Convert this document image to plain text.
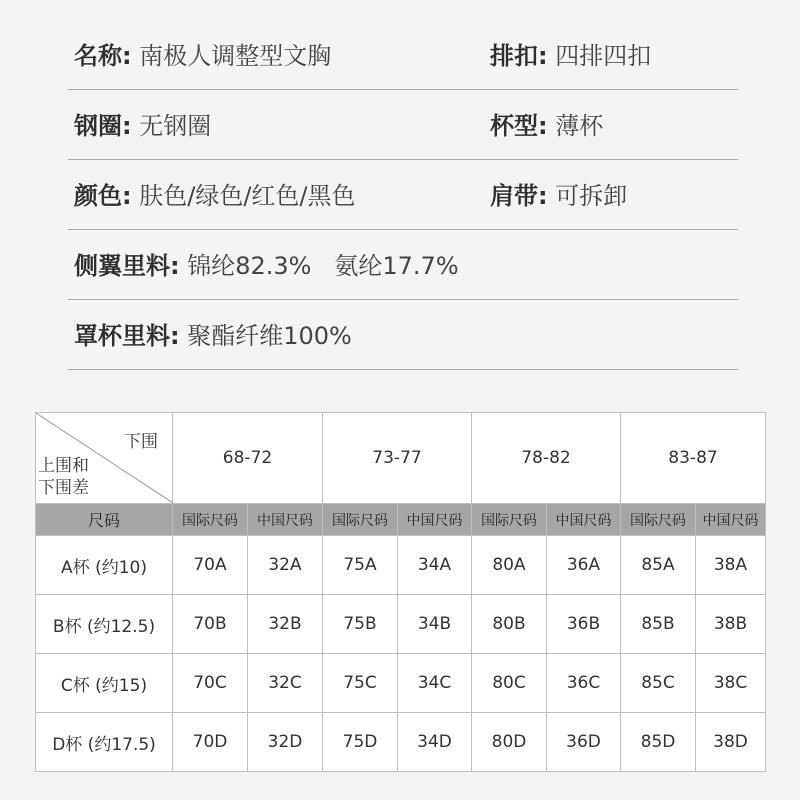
名称: 南极人调整型文胸	排扣: 四排四扣
钢圈: 无钢圈	杯型: 薄杯
颜色: 肤色/绿色/红色/黑色	肩带: 可拆卸
侧翼里料: 锦纶82.3%   氨纶17.7%
罩杯里料: 聚酯纤维100%
下围
上围和
下围差	68-72		73-77		78-82		83-87	
尺码	国际尺码	中国尺码	国际尺码	中国尺码	国际尺码	中国尺码	国际尺码	中国尺码
A杯 (约10)	70A	32A	75A	34A	80A	36A	85A	38A
B杯 (约12.5)	70B	32B	75B	34B	80B	36B	85B	38B
C杯 (约15)	70C	32C	75C	34C	80C	36C	85C	38C
D杯 (约17.5)	70D	32D	75D	34D	80D	36D	85D	38D
